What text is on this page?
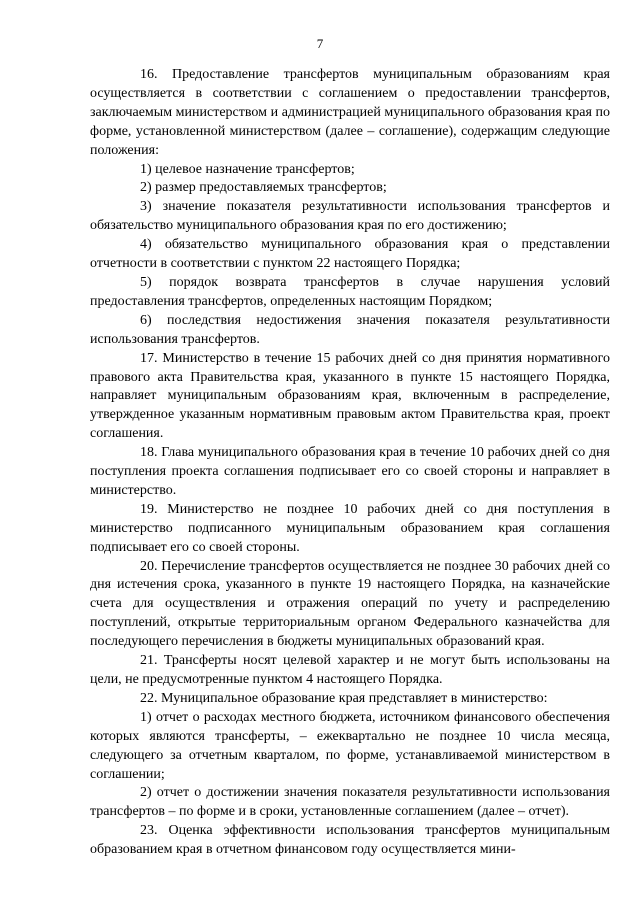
7

16. Предоставление трансфертов муниципальным образованиям края осуществляется в соответствии с соглашением о предоставлении трансфертов, заключаемым министерством и администрацией муниципального образования края по форме, установленной министерством (далее – соглашение), содержащим следующие положения:

1) целевое назначение трансфертов;

2) размер предоставляемых трансфертов;

3) значение показателя результативности использования трансфертов и обязательство муниципального образования края по его достижению;

4) обязательство муниципального образования края о представлении отчетности в соответствии с пунктом 22 настоящего Порядка;

5) порядок возврата трансфертов в случае нарушения условий предоставления трансфертов, определенных настоящим Порядком;

6) последствия недостижения значения показателя результативности использования трансфертов.

17. Министерство в течение 15 рабочих дней со дня принятия нормативного правового акта Правительства края, указанного в пункте 15 настоящего Порядка, направляет муниципальным образованиям края, включенным в распределение, утвержденное указанным нормативным правовым актом Правительства края, проект соглашения.

18. Глава муниципального образования края в течение 10 рабочих дней со дня поступления проекта соглашения подписывает его со своей стороны и направляет в министерство.

19. Министерство не позднее 10 рабочих дней со дня поступления в министерство подписанного муниципальным образованием края соглашения подписывает его со своей стороны.

20. Перечисление трансфертов осуществляется не позднее 30 рабочих дней со дня истечения срока, указанного в пункте 19 настоящего Порядка, на казначейские счета для осуществления и отражения операций по учету и распределению поступлений, открытые территориальным органом Федерального казначейства для последующего перечисления в бюджеты муниципальных образований края.

21. Трансферты носят целевой характер и не могут быть использованы на цели, не предусмотренные пунктом 4 настоящего Порядка.

22. Муниципальное образование края представляет в министерство:

1) отчет о расходах местного бюджета, источником финансового обеспечения которых являются трансферты, – ежеквартально не позднее 10 числа месяца, следующего за отчетным кварталом, по форме, устанавливаемой министерством в соглашении;

2) отчет о достижении значения показателя результативности использования трансфертов – по форме и в сроки, установленные соглашением (далее – отчет).

23. Оценка эффективности использования трансфертов муниципальным образованием края в отчетном финансовом году осуществляется мини-
